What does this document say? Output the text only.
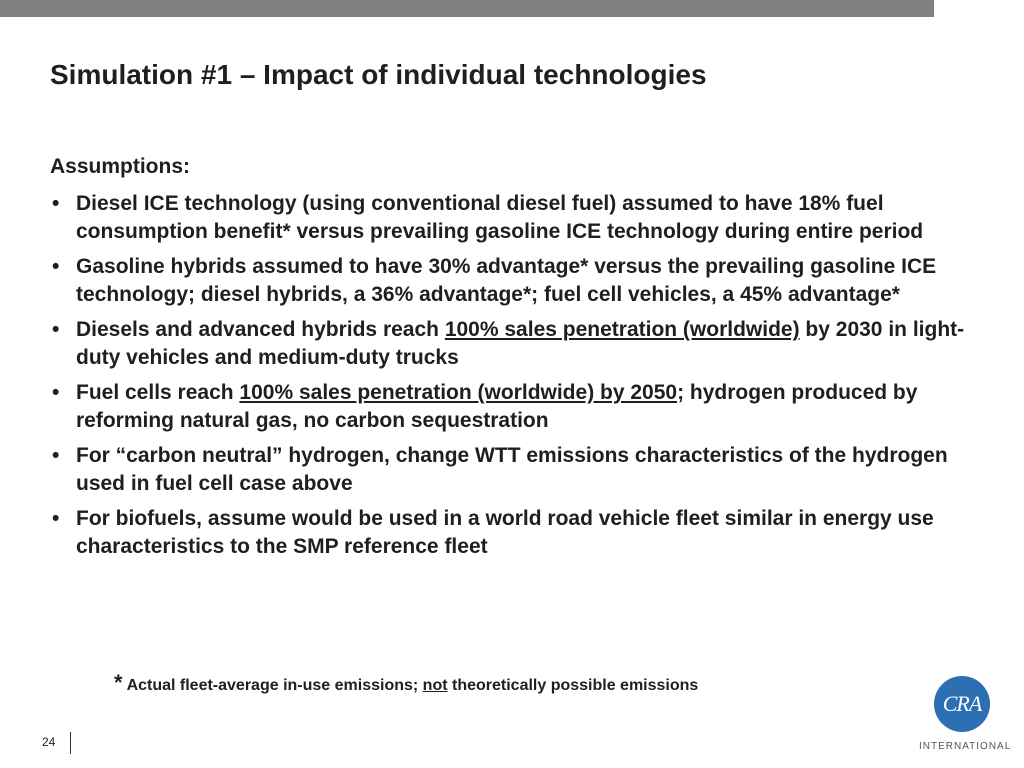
Simulation #1 – Impact of individual technologies

Assumptions:

• Diesel ICE technology (using conventional diesel fuel) assumed to have 18% fuel consumption benefit* versus prevailing gasoline ICE technology during entire period
• Gasoline hybrids assumed to have 30% advantage* versus the prevailing gasoline ICE technology; diesel hybrids, a 36% advantage*; fuel cell vehicles, a 45% advantage*
• Diesels and advanced hybrids reach 100% sales penetration (worldwide) by 2030 in light-duty vehicles and medium-duty trucks
• Fuel cells reach 100% sales penetration (worldwide) by 2050; hydrogen produced by reforming natural gas, no carbon sequestration
• For “carbon neutral” hydrogen, change WTT emissions characteristics of the hydrogen used in fuel cell case above
• For biofuels, assume would be used in a world road vehicle fleet similar in energy use characteristics to the SMP reference fleet
* Actual fleet-average in-use emissions; not theoretically possible emissions
24
CRA
INTERNATIONAL
